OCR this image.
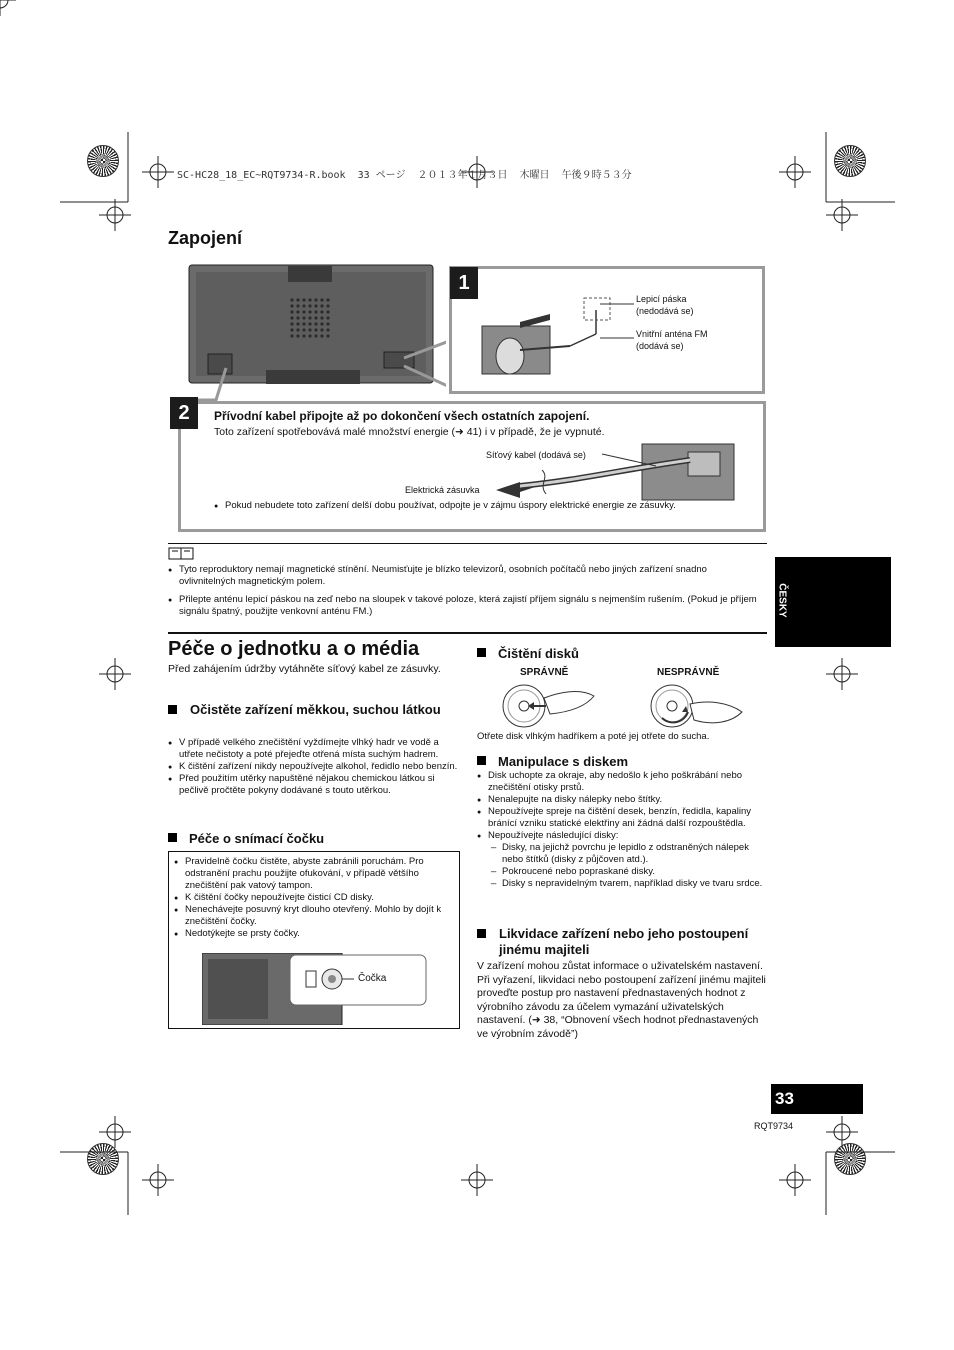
SC-HC28_18_EC~RQT9734-R.book  33 ページ  ２０１３年１月３日  木曜日  午後９時５３分
Zapojení
1
Lepicí páska
(nedodává se)
Vnitřní anténa FM
(dodává se)
2	Přívodní kabel připojte až po dokončení všech ostatních zapojení.
Toto zařízení spotřebovává malé množství energie (➜ 41) i v případě, že je vypnuté.
Síťový kabel (dodává se)
Elektrická zásuvka
● Pokud nebudete toto zařízení delší dobu používat, odpojte je v zájmu úspory elektrické energie ze zásuvky.
● Tyto reproduktory nemají magnetické stínění. Neumisťujte je blízko televizorů, osobních počítačů nebo jiných zařízení snadno ovlivnitelných magnetickým polem.
● Přilepte anténu lepicí páskou na zeď nebo na sloupek v takové poloze, která zajistí příjem signálu s nejmenším rušením. (Pokud je příjem signálu špatný, použijte venkovní anténu FM.)	ČESKY
Péče o jednotku a o média
Před zahájením údržby vytáhněte síťový kabel ze zásuvky.
Očistěte zařízení měkkou, suchou látkou
● V případě velkého znečištění vyždímejte vlhký hadr ve vodě a utřete nečistoty a poté přejeďte otřená místa suchým hadrem.
● K čištění zařízení nikdy nepoužívejte alkohol, ředidlo nebo benzín.
● Před použitím utěrky napuštěné nějakou chemickou látkou si pečlivě pročtěte pokyny dodávané s touto utěrkou.
Péče o snímací čočku
● Pravidelně čočku čistěte, abyste zabránili poruchám. Pro odstranění prachu použijte ofukování, v případě většího znečištění pak vatový tampon.
● K čištění čočky nepoužívejte čisticí CD disky.
● Nenechávejte posuvný kryt dlouho otevřený. Mohlo by dojít k znečištění čočky.
● Nedotýkejte se prsty čočky.
Čočka
Čištění disků
SPRÁVNĚ	NESPRÁVNĚ
Otřete disk vlhkým hadříkem a poté jej otřete do sucha.
Manipulace s diskem
● Disk uchopte za okraje, aby nedošlo k jeho poškrábání nebo znečištění otisky prstů.
● Nenalepujte na disky nálepky nebo štítky.
● Nepoužívejte spreje na čištění desek, benzín, ředidla, kapaliny bránící vzniku statické elektřiny ani žádná další rozpouštědla.
● Nepoužívejte následující disky:
– Disky, na jejichž povrchu je lepidlo z odstraněných nálepek nebo štítků (disky z půjčoven atd.).
– Pokroucené nebo popraskané disky.
– Disky s nepravidelným tvarem, například disky ve tvaru srdce.
Likvidace zařízení nebo jeho postoupení jinému majiteli
V zařízení mohou zůstat informace o uživatelském nastavení. Při vyřazení, likvidaci nebo postoupení zařízení jinému majiteli proveďte postup pro nastavení přednastavených hodnot z výrobního závodu za účelem vymazání uživatelských nastavení. (➜ 38, “Obnovení všech hodnot přednastavených ve výrobním závodě”)
33
RQT9734
